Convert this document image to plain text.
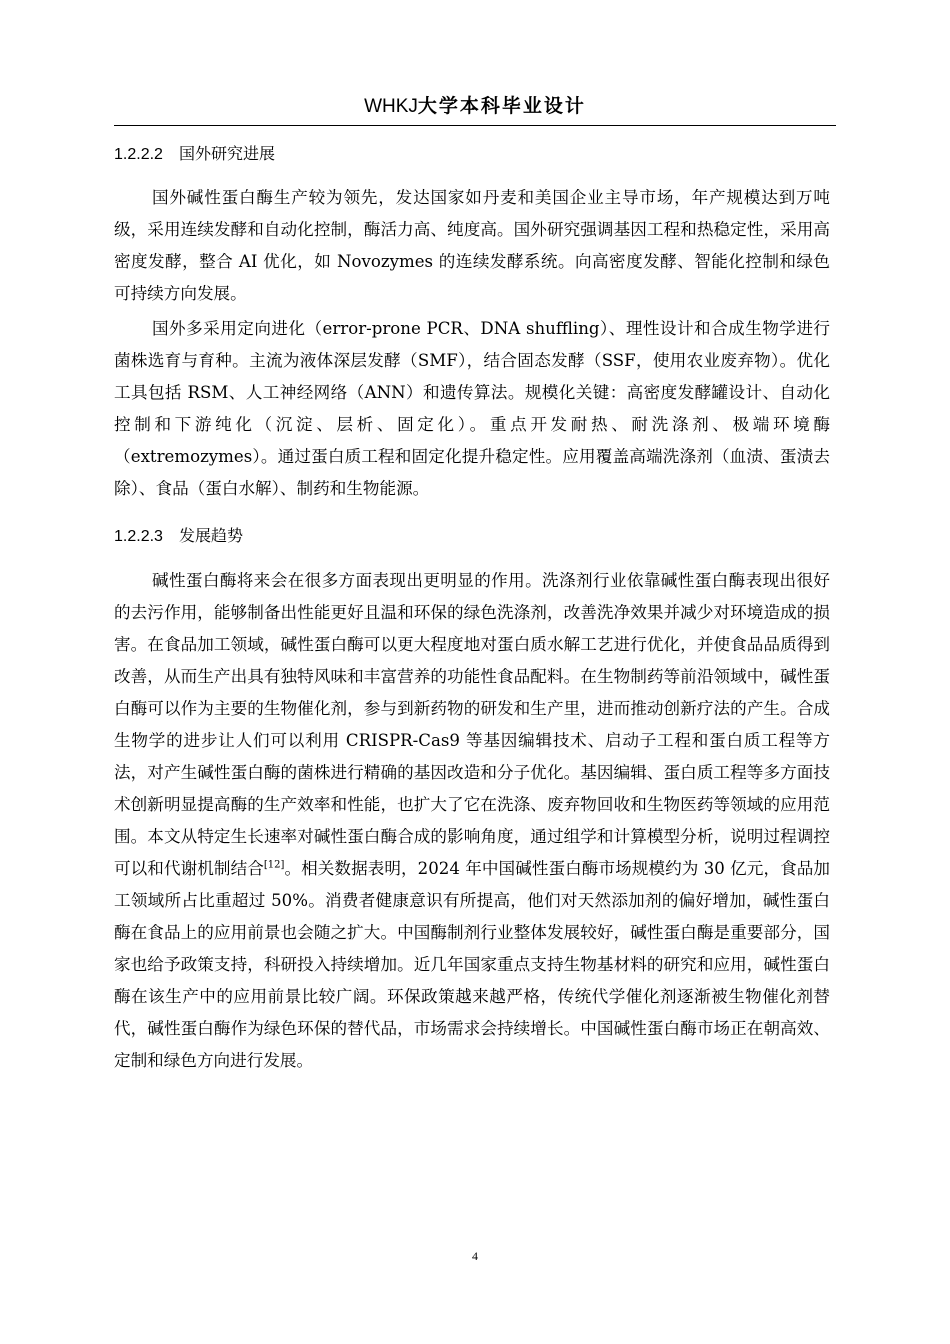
WHKJ大学本科毕业设计
1.2.2.2 国外研究进展
国外碱性蛋白酶生产较为领先，发达国家如丹麦和美国企业主导市场，年产规模达到万吨级，采用连续发酵和自动化控制，酶活力高、纯度高。国外研究强调基因工程和热稳定性，采用高密度发酵，整合 AI 优化，如 Novozymes 的连续发酵系统。向高密度发酵、智能化控制和绿色可持续方向发展。
国外多采用定向进化（error-prone PCR、DNA shuffling）、理性设计和合成生物学进行菌株选育与育种。主流为液体深层发酵（SMF），结合固态发酵（SSF，使用农业废弃物）。优化工具包括 RSM、人工神经网络（ANN）和遗传算法。规模化关键：高密度发酵罐设计、自动化控制和下游纯化（沉淀、层析、固定化）。重点开发耐热、耐洗涤剂、极端环境酶（extremozymes）。通过蛋白质工程和固定化提升稳定性。应用覆盖高端洗涤剂（血渍、蛋渍去除）、食品（蛋白水解）、制药和生物能源。
1.2.2.3 发展趋势
碱性蛋白酶将来会在很多方面表现出更明显的作用。洗涤剂行业依靠碱性蛋白酶表现出很好的去污作用，能够制备出性能更好且温和环保的绿色洗涤剂，改善洗净效果并减少对环境造成的损害。在食品加工领域，碱性蛋白酶可以更大程度地对蛋白质水解工艺进行优化，并使食品品质得到改善，从而生产出具有独特风味和丰富营养的功能性食品配料。在生物制药等前沿领域中，碱性蛋白酶可以作为主要的生物催化剂，参与到新药物的研发和生产里，进而推动创新疗法的产生。合成生物学的进步让人们可以利用 CRISPR-Cas9 等基因编辑技术、启动子工程和蛋白质工程等方法，对产生碱性蛋白酶的菌株进行精确的基因改造和分子优化。基因编辑、蛋白质工程等多方面技术创新明显提高酶的生产效率和性能，也扩大了它在洗涤、废弃物回收和生物医药等领域的应用范围。本文从特定生长速率对碱性蛋白酶合成的影响角度，通过组学和计算模型分析，说明过程调控可以和代谢机制结合[12]。相关数据表明，2024 年中国碱性蛋白酶市场规模约为 30 亿元，食品加工领域所占比重超过 50%。消费者健康意识有所提高，他们对天然添加剂的偏好增加，碱性蛋白酶在食品上的应用前景也会随之扩大。中国酶制剂行业整体发展较好，碱性蛋白酶是重要部分，国家也给予政策支持，科研投入持续增加。近几年国家重点支持生物基材料的研究和应用，碱性蛋白酶在该生产中的应用前景比较广阔。环保政策越来越严格，传统代学催化剂逐渐被生物催化剂替代，碱性蛋白酶作为绿色环保的替代品，市场需求会持续增长。中国碱性蛋白酶市场正在朝高效、定制和绿色方向进行发展。
4
